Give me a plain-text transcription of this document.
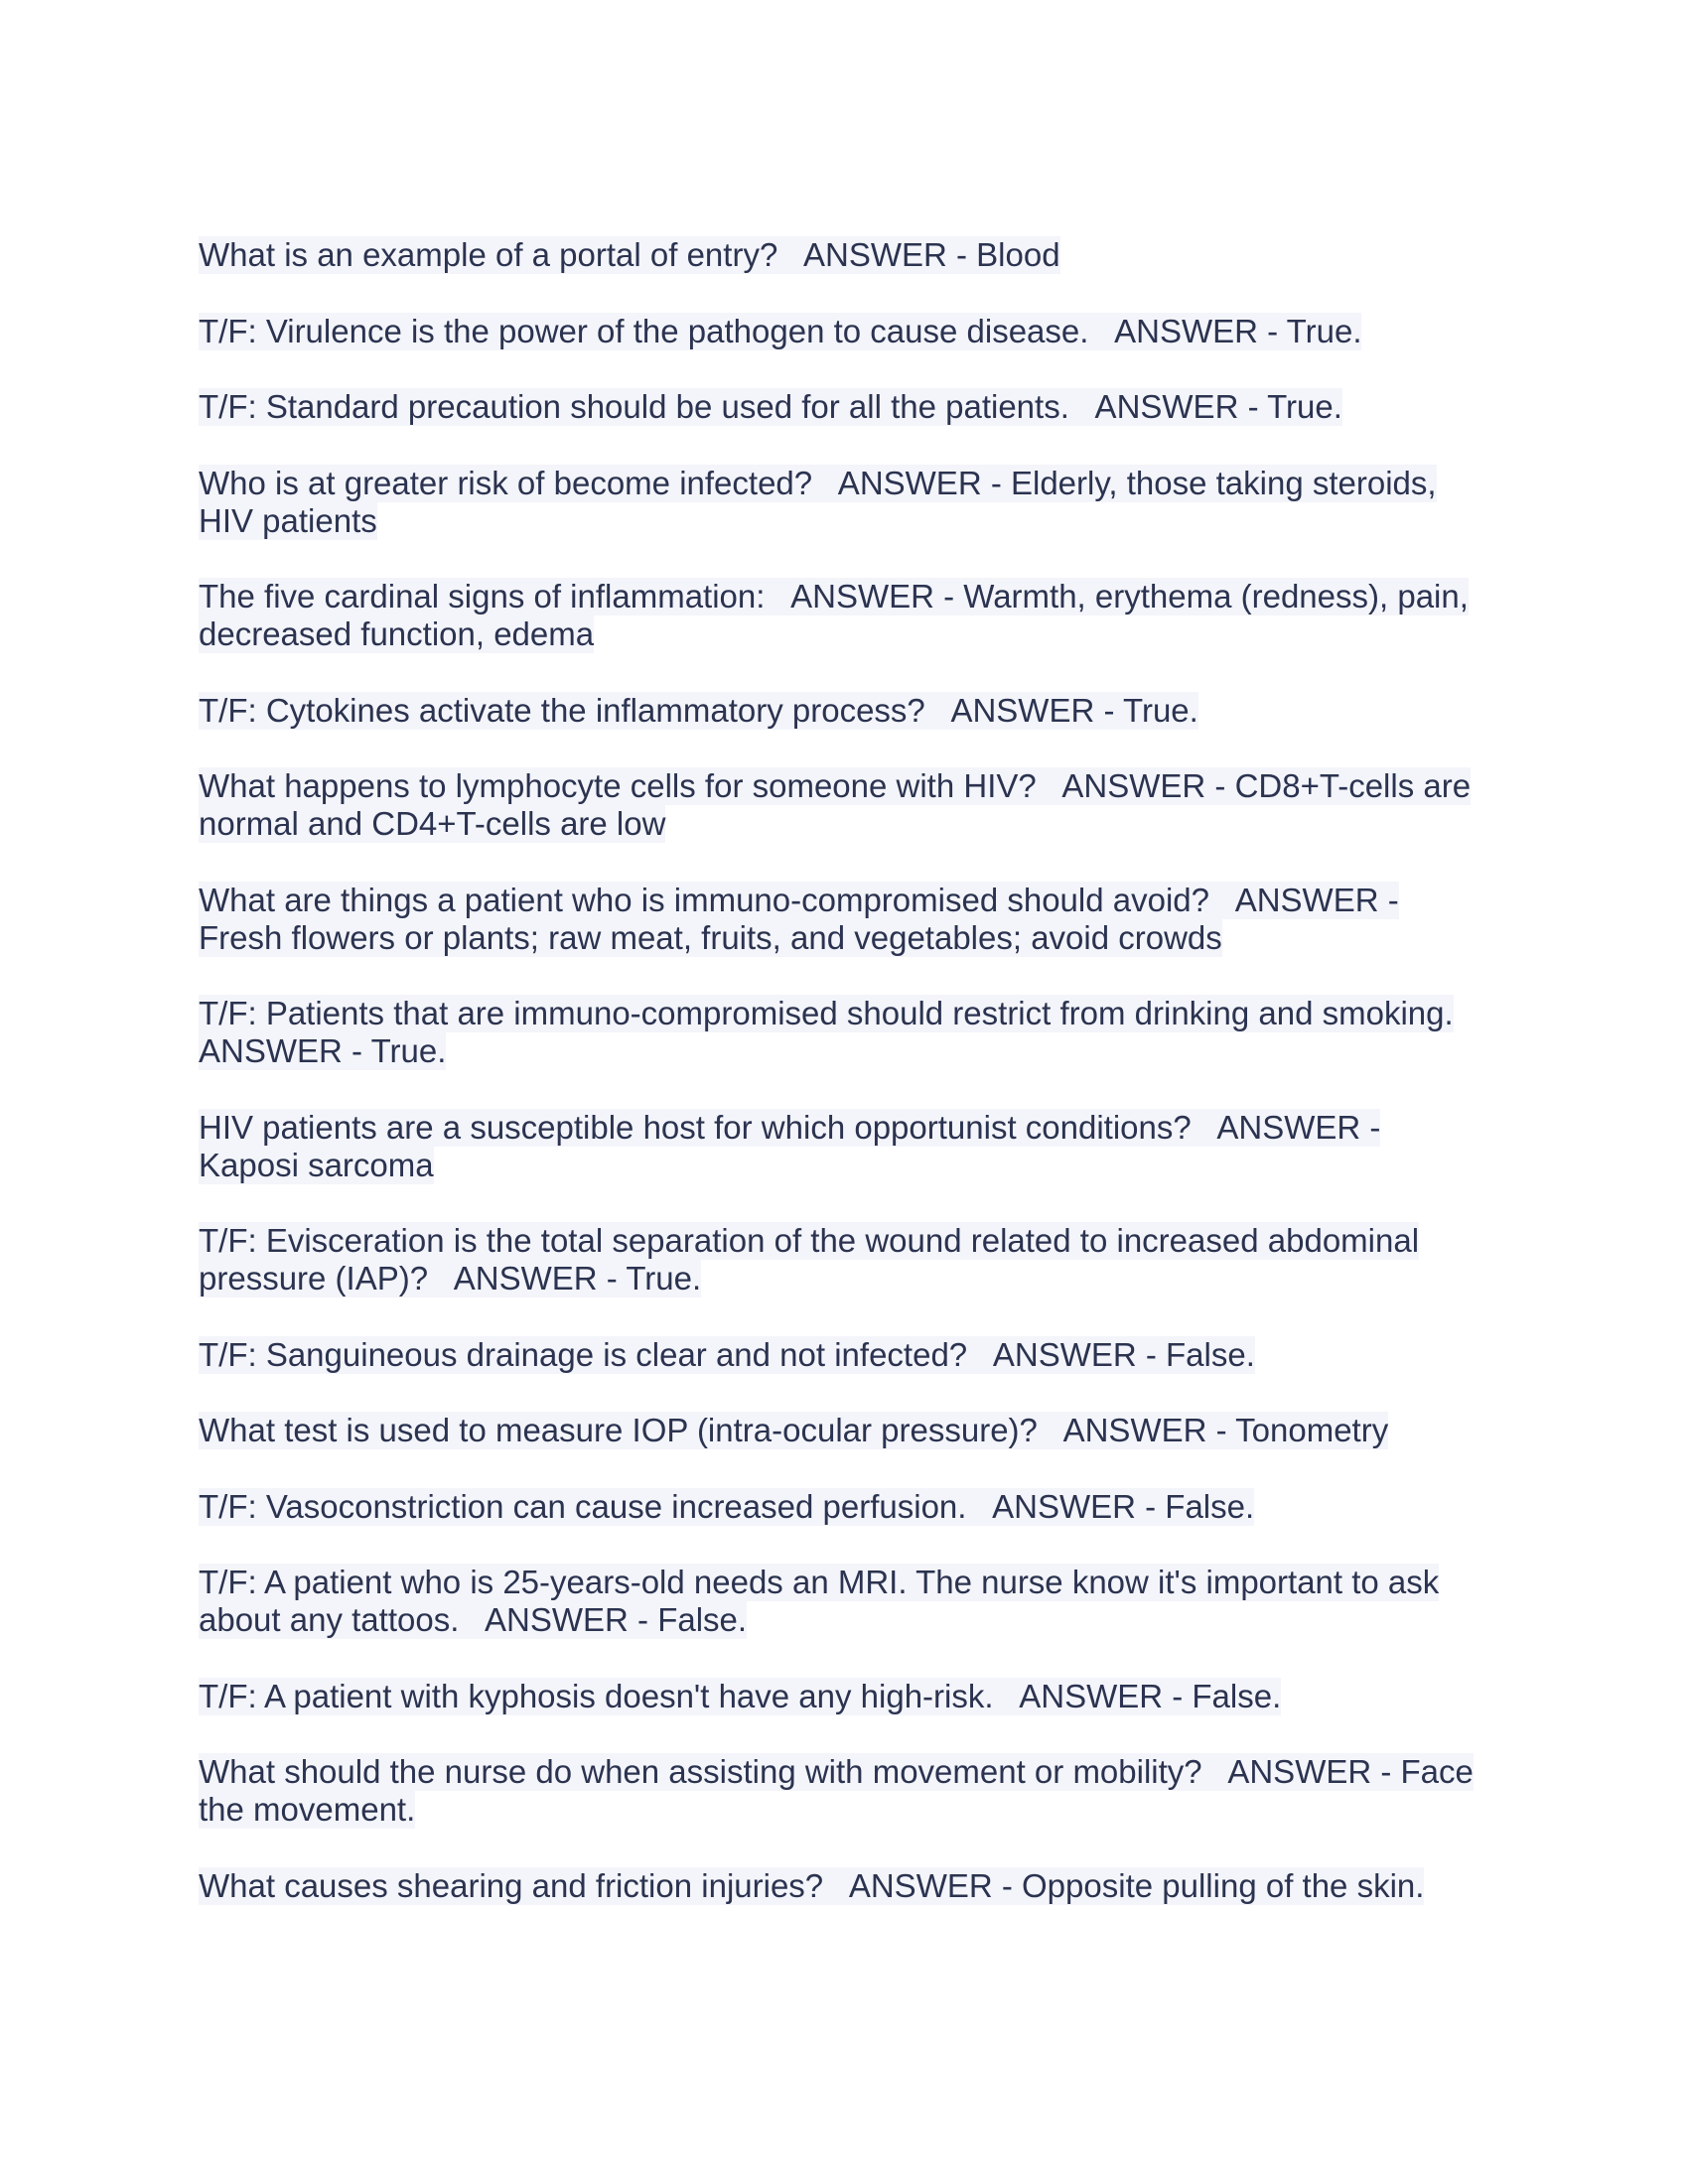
What is an example of a portal of entry?   ANSWER - Blood
T/F: Virulence is the power of the pathogen to cause disease.   ANSWER - True.
T/F: Standard precaution should be used for all the patients.   ANSWER - True.
Who is at greater risk of become infected?   ANSWER - Elderly, those taking steroids,
HIV patients
The five cardinal signs of inflammation:   ANSWER - Warmth, erythema (redness), pain,
decreased function, edema
T/F: Cytokines activate the inflammatory process?   ANSWER - True.
What happens to lymphocyte cells for someone with HIV?   ANSWER - CD8+T-cells are
normal and CD4+T-cells are low
What are things a patient who is immuno-compromised should avoid?   ANSWER -
Fresh flowers or plants; raw meat, fruits, and vegetables; avoid crowds
T/F: Patients that are immuno-compromised should restrict from drinking and smoking.
ANSWER - True.
HIV patients are a susceptible host for which opportunist conditions?   ANSWER -
Kaposi sarcoma
T/F: Evisceration is the total separation of the wound related to increased abdominal
pressure (IAP)?   ANSWER - True.
T/F: Sanguineous drainage is clear and not infected?   ANSWER - False.
What test is used to measure IOP (intra-ocular pressure)?   ANSWER - Tonometry
T/F: Vasoconstriction can cause increased perfusion.   ANSWER - False.
T/F: A patient who is 25-years-old needs an MRI. The nurse know it's important to ask
about any tattoos.   ANSWER - False.
T/F: A patient with kyphosis doesn't have any high-risk.   ANSWER - False.
What should the nurse do when assisting with movement or mobility?   ANSWER - Face
the movement.
What causes shearing and friction injuries?   ANSWER - Opposite pulling of the skin.
